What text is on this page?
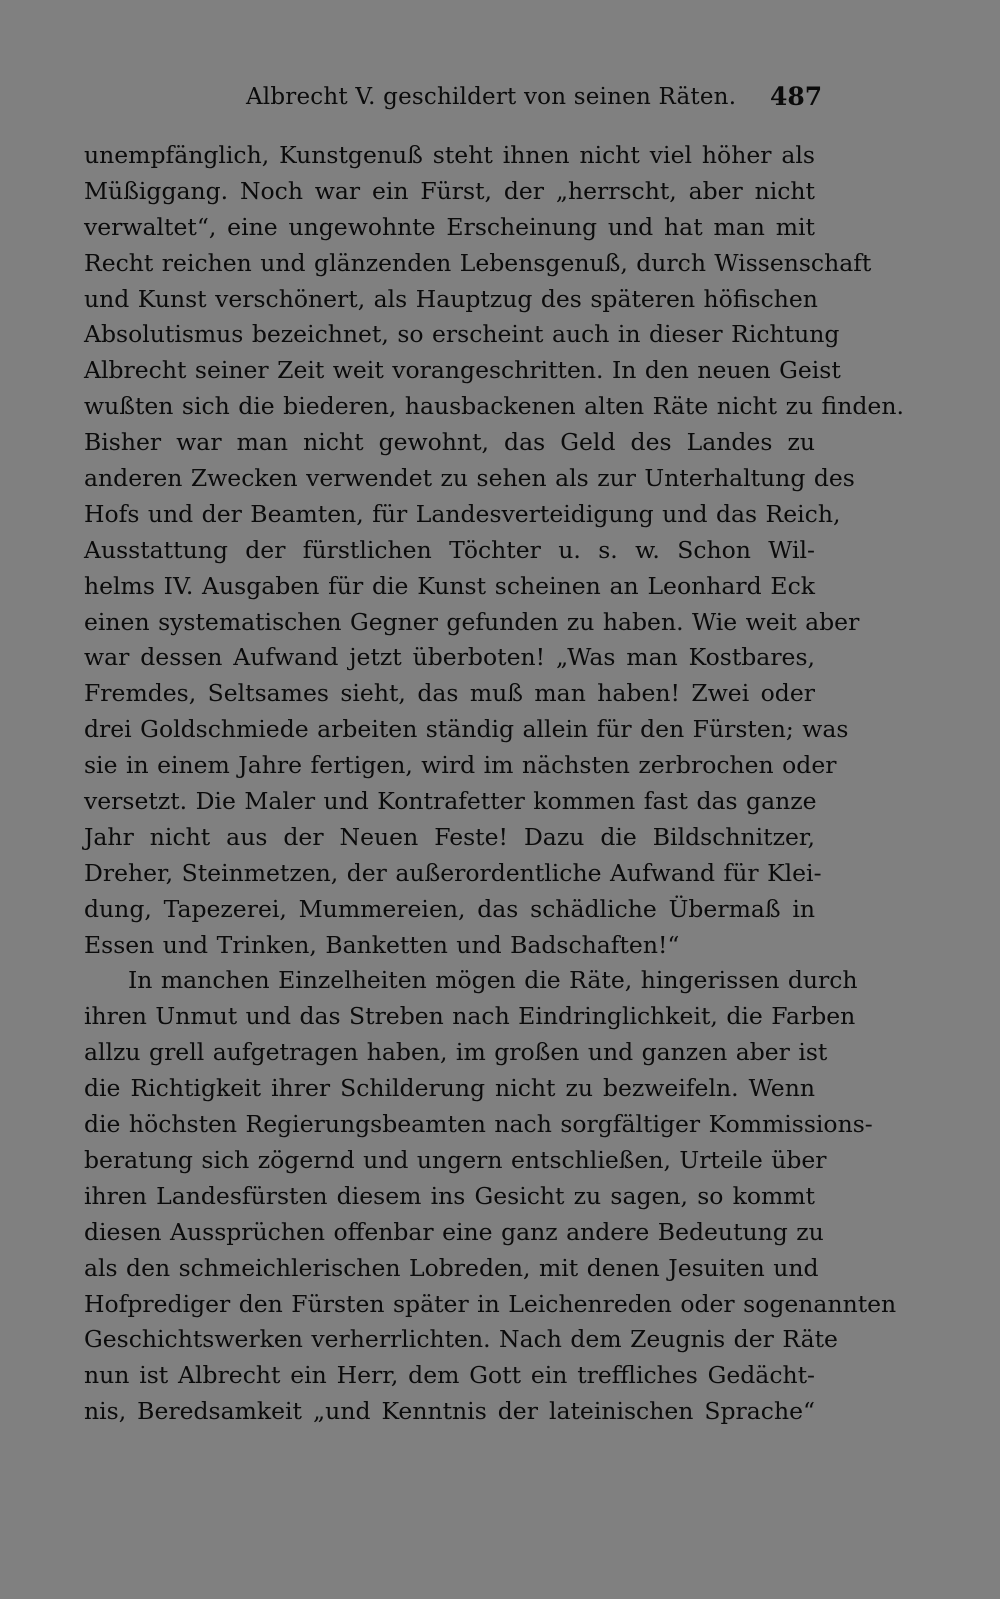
Albrecht V. geschildert von seinen Räten. 487
unempfänglich, Kunstgenuß steht ihnen nicht viel höher als
Müßiggang. Noch war ein Fürst, der „herrscht, aber nicht
verwaltet“, eine ungewohnte Erscheinung und hat man mit
Recht reichen und glänzenden Lebensgenuß, durch Wissenschaft
und Kunst verschönert, als Hauptzug des späteren höfischen
Absolutismus bezeichnet, so erscheint auch in dieser Richtung
Albrecht seiner Zeit weit vorangeschritten. In den neuen Geist
wußten sich die biederen, hausbackenen alten Räte nicht zu finden.
Bisher war man nicht gewohnt, das Geld des Landes zu
anderen Zwecken verwendet zu sehen als zur Unterhaltung des
Hofs und der Beamten, für Landesverteidigung und das Reich,
Ausstattung der fürstlichen Töchter u. s. w. Schon Wil-
helms IV. Ausgaben für die Kunst scheinen an Leonhard Eck
einen systematischen Gegner gefunden zu haben. Wie weit aber
war dessen Aufwand jetzt überboten! „Was man Kostbares,
Fremdes, Seltsames sieht, das muß man haben! Zwei oder
drei Goldschmiede arbeiten ständig allein für den Fürsten; was
sie in einem Jahre fertigen, wird im nächsten zerbrochen oder
versetzt. Die Maler und Kontrafetter kommen fast das ganze
Jahr nicht aus der Neuen Feste! Dazu die Bildschnitzer,
Dreher, Steinmetzen, der außerordentliche Aufwand für Klei-
dung, Tapezerei, Mummereien, das schädliche Übermaß in
Essen und Trinken, Banketten und Badschaften!“
In manchen Einzelheiten mögen die Räte, hingerissen durch
ihren Unmut und das Streben nach Eindringlichkeit, die Farben
allzu grell aufgetragen haben, im großen und ganzen aber ist
die Richtigkeit ihrer Schilderung nicht zu bezweifeln. Wenn
die höchsten Regierungsbeamten nach sorgfältiger Kommissions-
beratung sich zögernd und ungern entschließen, Urteile über
ihren Landesfürsten diesem ins Gesicht zu sagen, so kommt
diesen Aussprüchen offenbar eine ganz andere Bedeutung zu
als den schmeichlerischen Lobreden, mit denen Jesuiten und
Hofprediger den Fürsten später in Leichenreden oder sogenannten
Geschichtswerken verherrlichten. Nach dem Zeugnis der Räte
nun ist Albrecht ein Herr, dem Gott ein treffliches Gedächt-
nis, Beredsamkeit „und Kenntnis der lateinischen Sprache“
